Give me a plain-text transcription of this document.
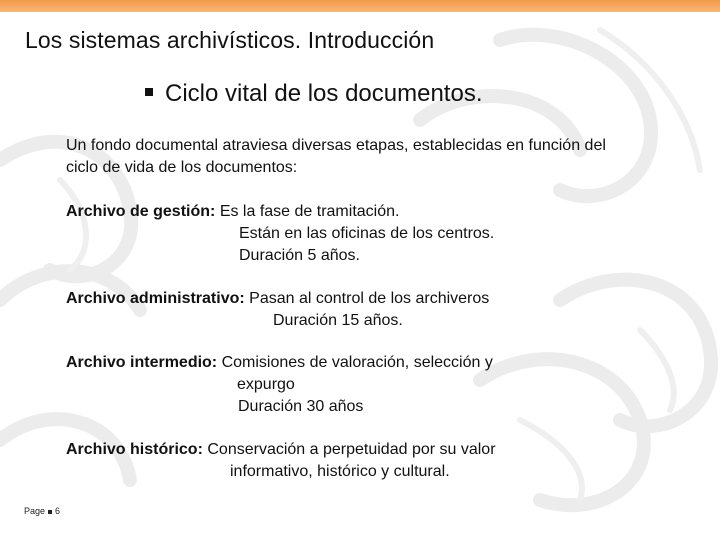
Los sistemas archivísticos. Introducción
Ciclo vital de los documentos.
Un fondo documental atraviesa diversas etapas, establecidas en función del ciclo de vida de los documentos:
Archivo de gestión: Es la fase de tramitación.
Están en las oficinas de los centros.
Duración 5 años.
Archivo administrativo: Pasan al control de los archiveros
Duración 15 años.
Archivo intermedio: Comisiones de valoración, selección y
expurgo
Duración 30 años
Archivo histórico: Conservación a perpetuidad por su valor
informativo, histórico y cultural.
Page 6
